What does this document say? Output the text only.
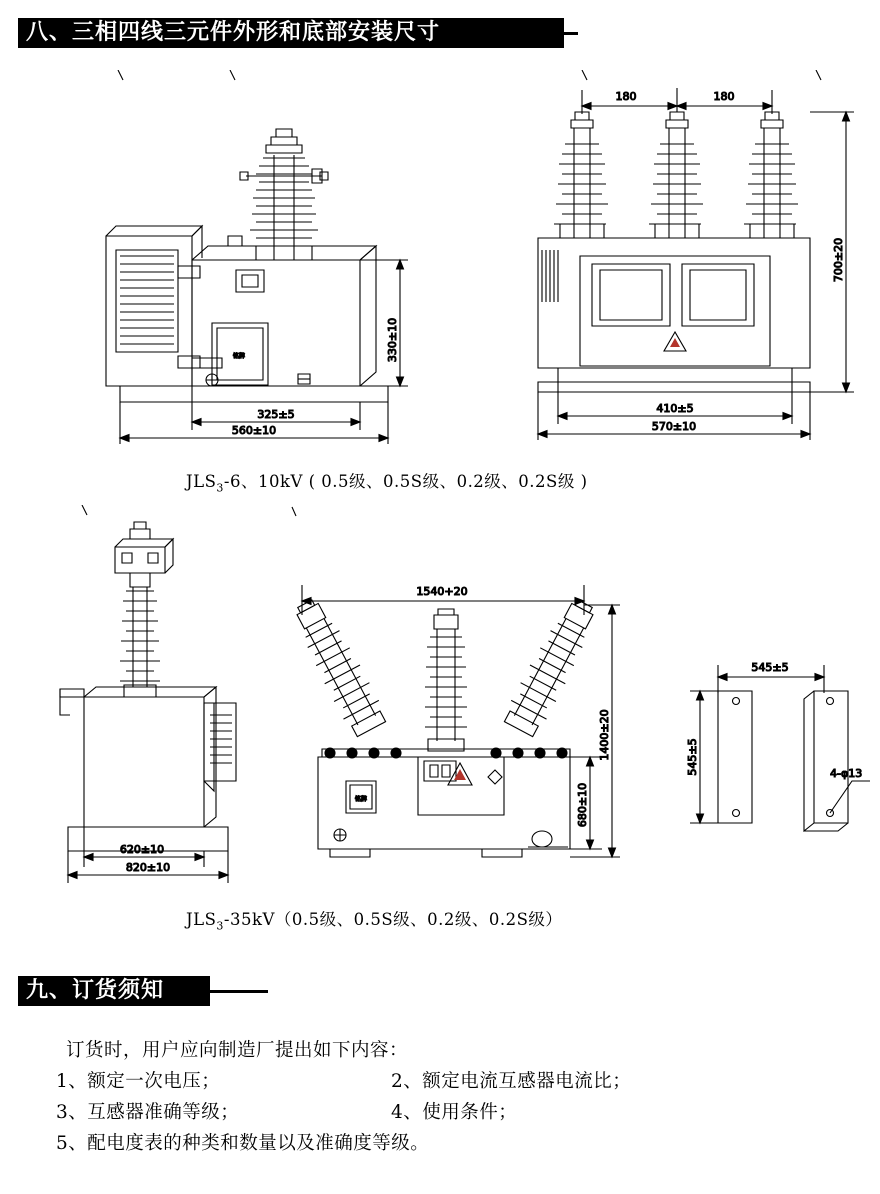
八、三相四线三元件外形和底部安装尺寸
铭牌	330±10
325±5
560±10
180	180
700±20
410±5
570±10
$JLS_3-6$、10kV ( 0.5级、0.5S级、0.2级、0.2S级 )
620±10
820±10
1540+20
铭牌	680±10
1400±20
545±5
545±5	4-φ13
$JLS_3-35kV(0.5$级、0.5S级、0.2级、0.2S级）
九、订货须知
订货时，用户应向制造厂提出如下内容：
1、额定一次电压；	2、额定电流互感器电流比；
3、互感器准确等级；	4、使用条件；
5、配电度表的种类和数量以及准确度等级。
